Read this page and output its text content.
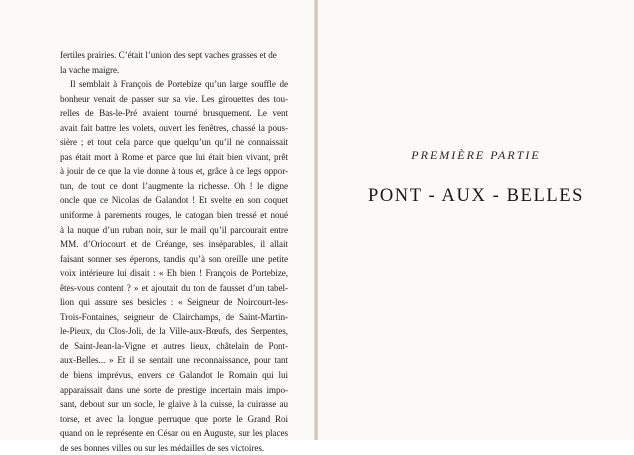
fertiles prairies. C’était l’union des sept vaches grasses et de
la vache maigre.
Il semblait à François de Portebize qu’un large souffle de
bonheur venait de passer sur sa vie. Les girouettes des tou-
relles de Bas-le-Pré avaient tourné brusquement. Le vent
avait fait battre les volets, ouvert les fenêtres, chassé la pous-
sière ; et tout cela parce que quelqu’un qu’il ne connaissait
pas était mort à Rome et parce que lui était bien vivant, prêt
à jouir de ce que la vie donne à tous et, grâce à ce legs oppor-
tun, de tout ce dont l’augmente la richesse. Oh ! le digne
oncle que ce Nicolas de Galandot ! Et svelte en son coquet
uniforme à parements rouges, le catogan bien tressé et noué
à la nuque d’un ruban noir, sur le mail qu’il parcourait entre
MM. d’Oriocourt et de Créange, ses inséparables, il allait
faisant sonner ses éperons, tandis qu’à son oreille une petite
voix intérieure lui disait : « Eh bien ! François de Portebize,
êtes-vous content ? » et ajoutait du ton de fausset d’un tabel-
lion qui assure ses besicles : « Seigneur de Noircourt-les-
Trois-Fontaines, seigneur de Clairchamps, de Saint-Martin-
le-Pieux, du Clos-Joli, de la Ville-aux-Bœufs, des Serpentes,
de Saint-Jean-la-Vigne et autres lieux, châtelain de Pont-
aux-Belles... » Et il se sentait une reconnaissance, pour tant
de biens imprévus, envers ce Galandot le Romain qui lui
apparaissait dans une sorte de prestige incertain mais impo-
sant, debout sur un socle, le glaive à la cuisse, la cuirasse au
torse, et avec la longue perruque que porte le Grand Roi
quand on le représente en César ou en Auguste, sur les places
de ses bonnes villes ou sur les médailles de ses victoires.
PREMIÈRE PARTIE
PONT - AUX - BELLES
